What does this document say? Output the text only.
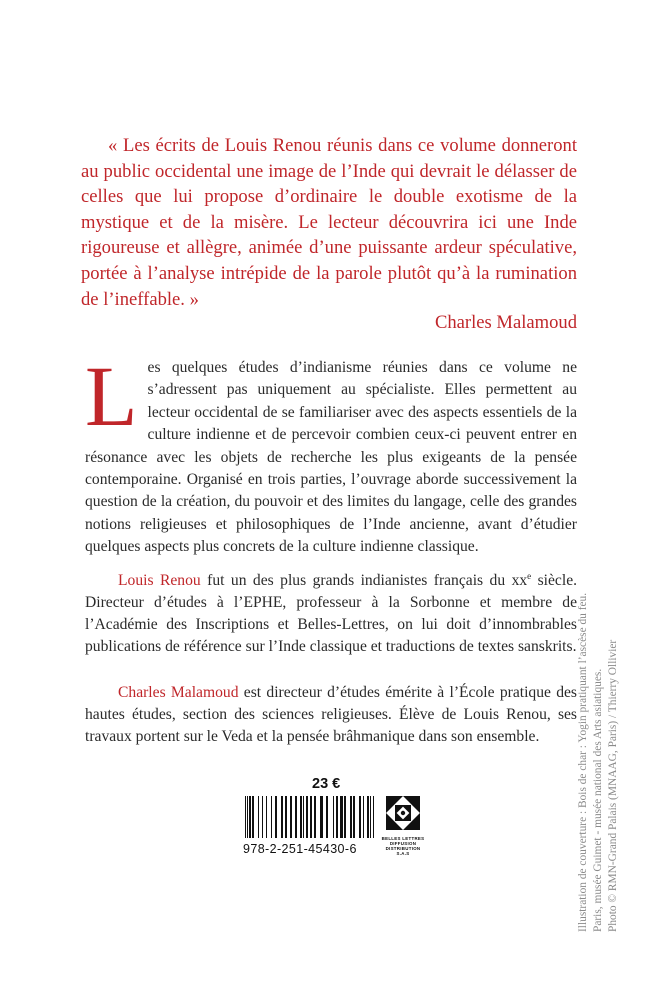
« Les écrits de Louis Renou réunis dans ce volume donneront au public occidental une image de l’Inde qui devrait le délasser de celles que lui propose d’ordinaire le double exotisme de la mystique et de la misère. Le lecteur découvrira ici une Inde rigoureuse et allègre, animée d’une puissante ardeur spéculative, portée à l’analyse intrépide de la parole plutôt qu’à la rumination de l’ineffable. »

Charles Malamoud

Les quelques études d’indianisme réunies dans ce volume ne s’adressent pas uniquement au spécialiste. Elles permettent au lecteur occidental de se familiariser avec des aspects essentiels de la culture indienne et de percevoir combien ceux-ci peuvent entrer en résonance avec les objets de recherche les plus exigeants de la pensée contemporaine. Organisé en trois parties, l’ouvrage aborde successivement la question de la création, du pouvoir et des limites du langage, celle des grandes notions religieuses et philosophiques de l’Inde ancienne, avant d’étudier quelques aspects plus concrets de la culture indienne classique.

Louis Renou fut un des plus grands indianistes français du $xx^e$ siècle. Directeur d’études à l’EPHE, professeur à la Sorbonne et membre de l’Académie des Inscriptions et Belles-Lettres, on lui doit d’innombrables publications de référence sur l’Inde classique et traductions de textes sanskrits.

Charles Malamoud est directeur d’études émérite à l’École pratique des hautes études, section des sciences religieuses. Élève de Louis Renou, ses travaux portent sur le Veda et la pensée brâhmanique dans son ensemble.

23 €

978-2-251-45430-6

BELLES LETTRES
DIFFUSION
DISTRIBUTION
S.A.S	Illustration de couverture : Bois de char : Yogin pratiquant l’ascèse du feu. Paris, musée Guimet - musée national des Arts asiatiques. Photo © RMN-Grand Palais (MNAAG, Paris) / Thierry Ollivier
